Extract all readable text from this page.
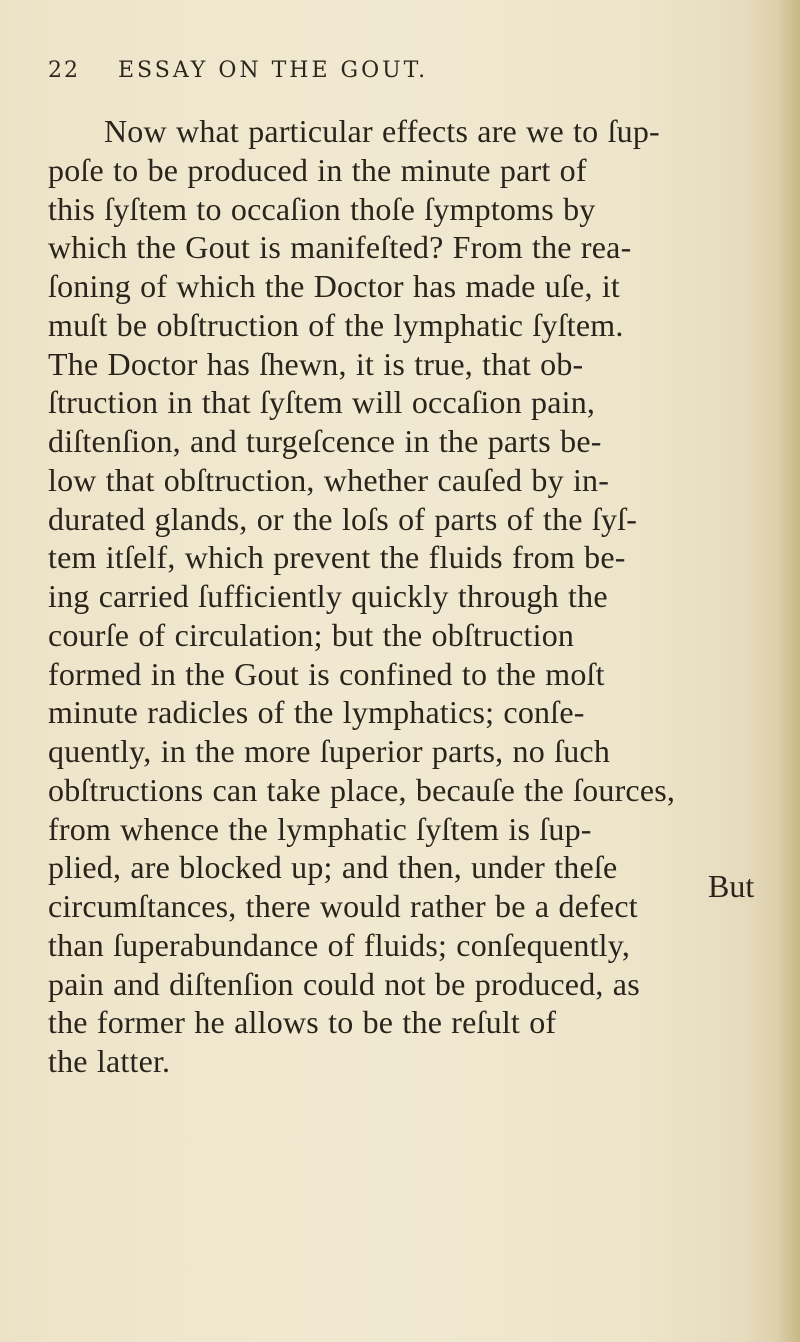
22 ESSAY ON THE GOUT.
Now what particular effects are we to ſup-
poſe to be produced in the minute part of
this ſyſtem to occaſion thoſe ſymptoms by
which the Gout is manifeſted? From the rea-
ſoning of which the Doctor has made uſe, it
muſt be obſtruction of the lymphatic ſyſtem.
The Doctor has ſhewn, it is true, that ob-
ſtruction in that ſyſtem will occaſion pain,
diſtenſion, and turgeſcence in the parts be-
low that obſtruction, whether cauſed by in-
durated glands, or the loſs of parts of the ſyſ-
tem itſelf, which prevent the fluids from be-
ing carried ſufficiently quickly through the
courſe of circulation; but the obſtruction
formed in the Gout is confined to the moſt
minute radicles of the lymphatics; conſe-
quently, in the more ſuperior parts, no ſuch
obſtructions can take place, becauſe the ſources,
from whence the lymphatic ſyſtem is ſup-
plied, are blocked up; and then, under theſe
circumſtances, there would rather be a defect
than ſuperabundance of fluids; conſequently,
pain and diſtenſion could not be produced, as
the former he allows to be the reſult of
the latter.
But
